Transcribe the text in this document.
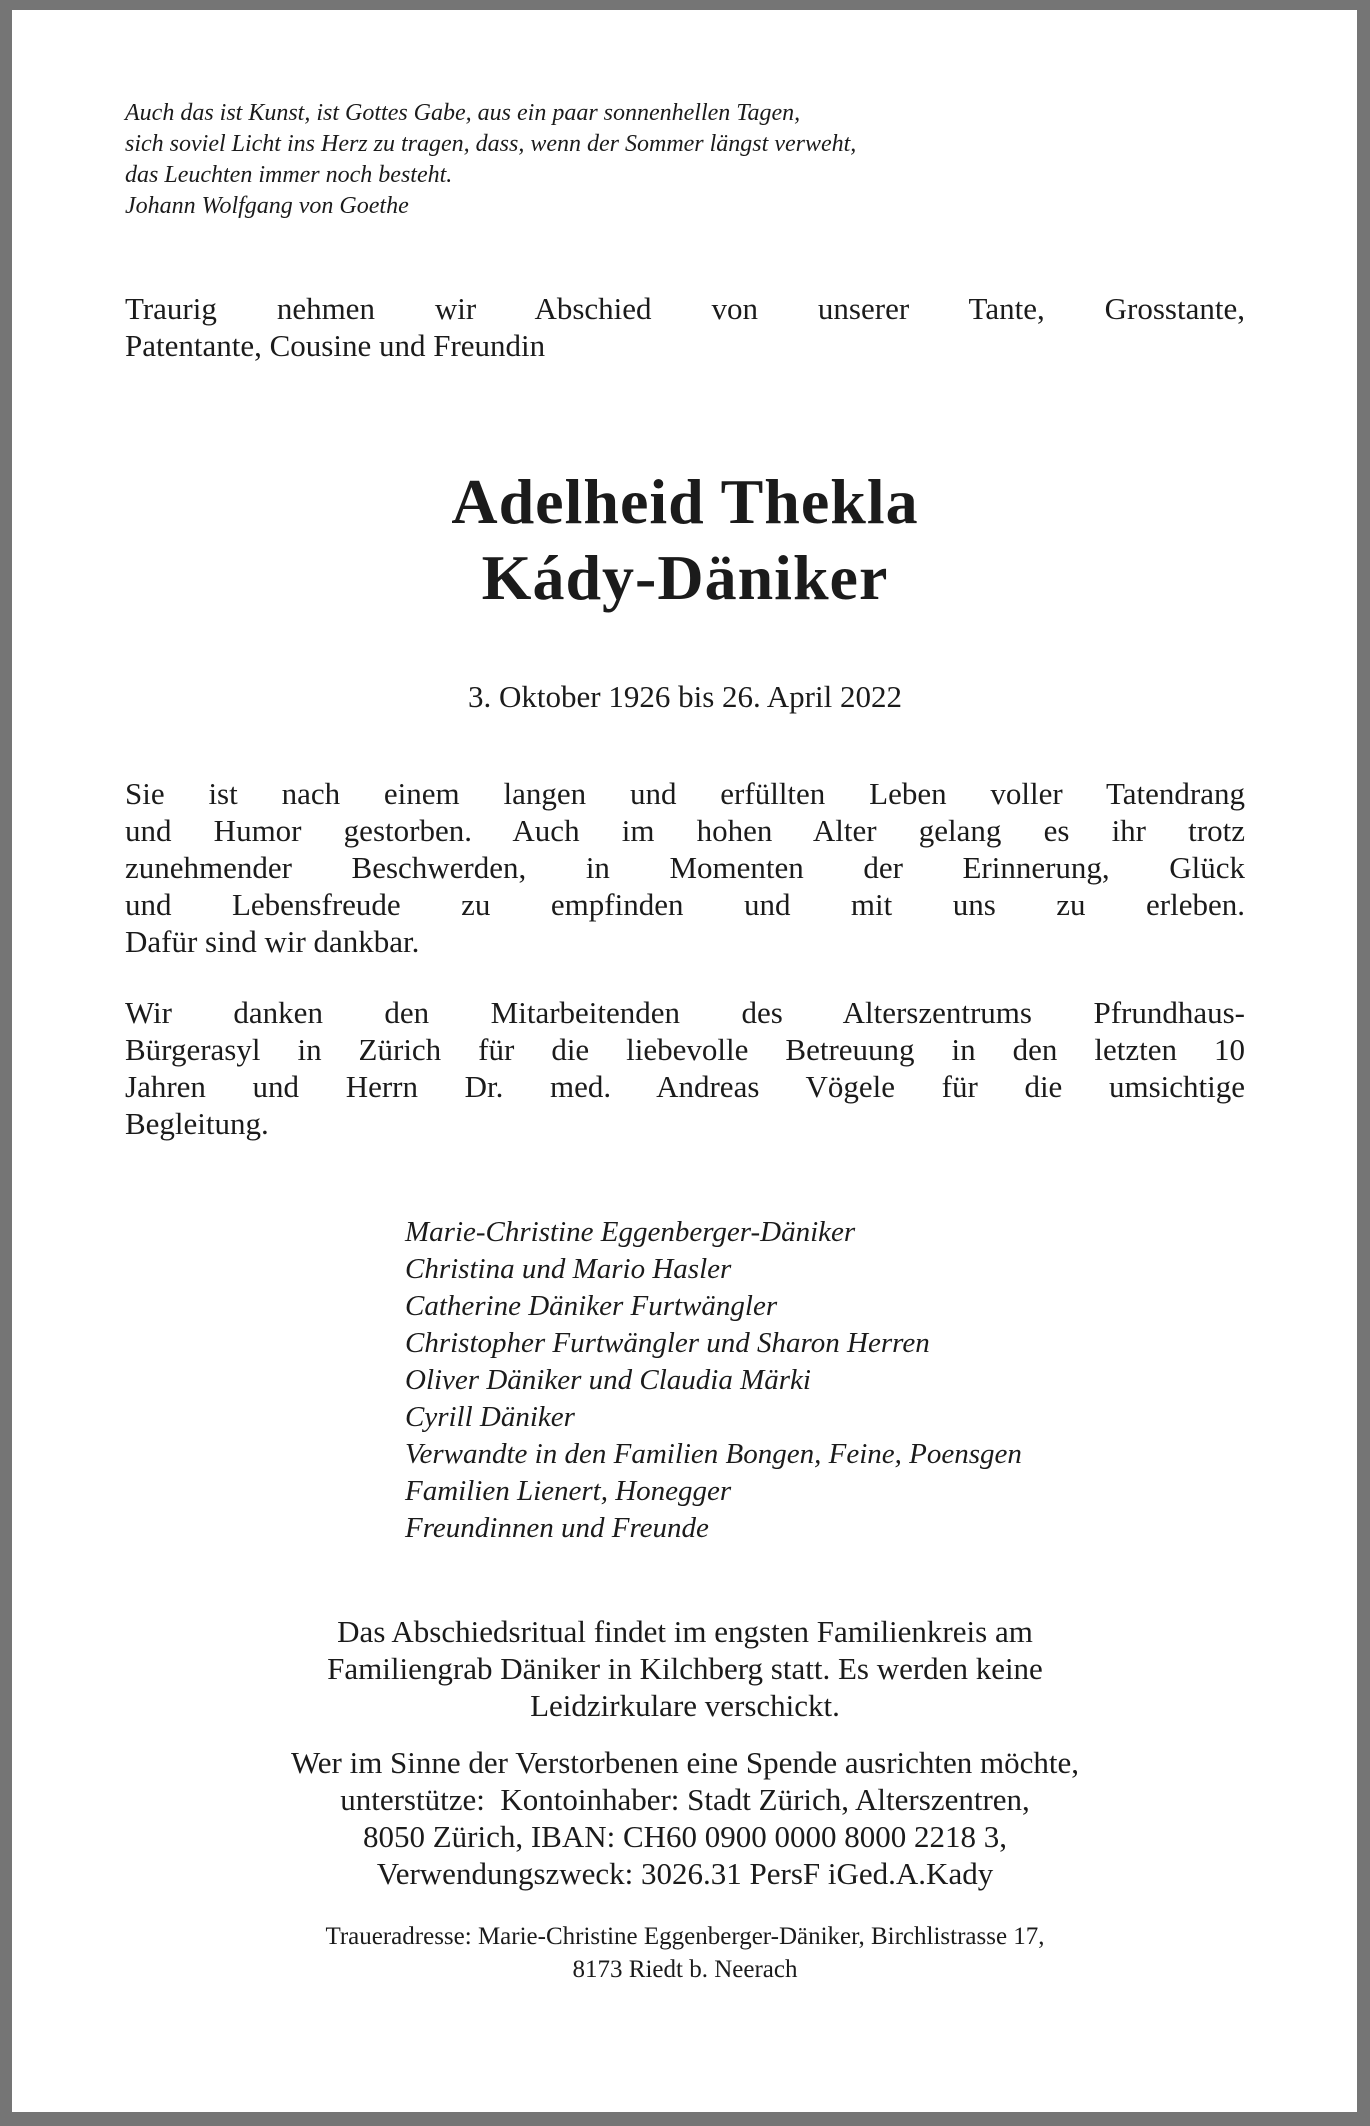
Auch das ist Kunst, ist Gottes Gabe, aus ein paar sonnenhellen Tagen,
sich soviel Licht ins Herz zu tragen, dass, wenn der Sommer längst verweht,
das Leuchten immer noch besteht.
Johann Wolfgang von Goethe
Traurig nehmen wir Abschied von unserer Tante, Grosstante,
Patentante, Cousine und Freundin
Adelheid Thekla
Kády-Däniker
3. Oktober 1926 bis 26. April 2022
Sie ist nach einem langen und erfüllten Leben voller Tatendrang
und Humor gestorben. Auch im hohen Alter gelang es ihr trotz
zunehmender Beschwerden, in Momenten der Erinnerung, Glück
und Lebensfreude zu empfinden und mit uns zu erleben.
Dafür sind wir dankbar.
Wir danken den Mitarbeitenden des Alterszentrums Pfrundhaus-
Bürgerasyl in Zürich für die liebevolle Betreuung in den letzten 10
Jahren und Herrn Dr. med. Andreas Vögele für die umsichtige
Begleitung.
Marie-Christine Eggenberger-Däniker
Christina und Mario Hasler
Catherine Däniker Furtwängler
Christopher Furtwängler und Sharon Herren
Oliver Däniker und Claudia Märki
Cyrill Däniker
Verwandte in den Familien Bongen, Feine, Poensgen
Familien Lienert, Honegger
Freundinnen und Freunde
Das Abschiedsritual findet im engsten Familienkreis am
Familiengrab Däniker in Kilchberg statt. Es werden keine
Leidzirkulare verschickt.
Wer im Sinne der Verstorbenen eine Spende ausrichten möchte,
unterstütze:  Kontoinhaber: Stadt Zürich, Alterszentren,
8050 Zürich, IBAN: CH60 0900 0000 8000 2218 3,
Verwendungszweck: 3026.31 PersF iGed.A.Kady
Traueradresse: Marie-Christine Eggenberger-Däniker, Birchlistrasse 17,
8173 Riedt b. Neerach
